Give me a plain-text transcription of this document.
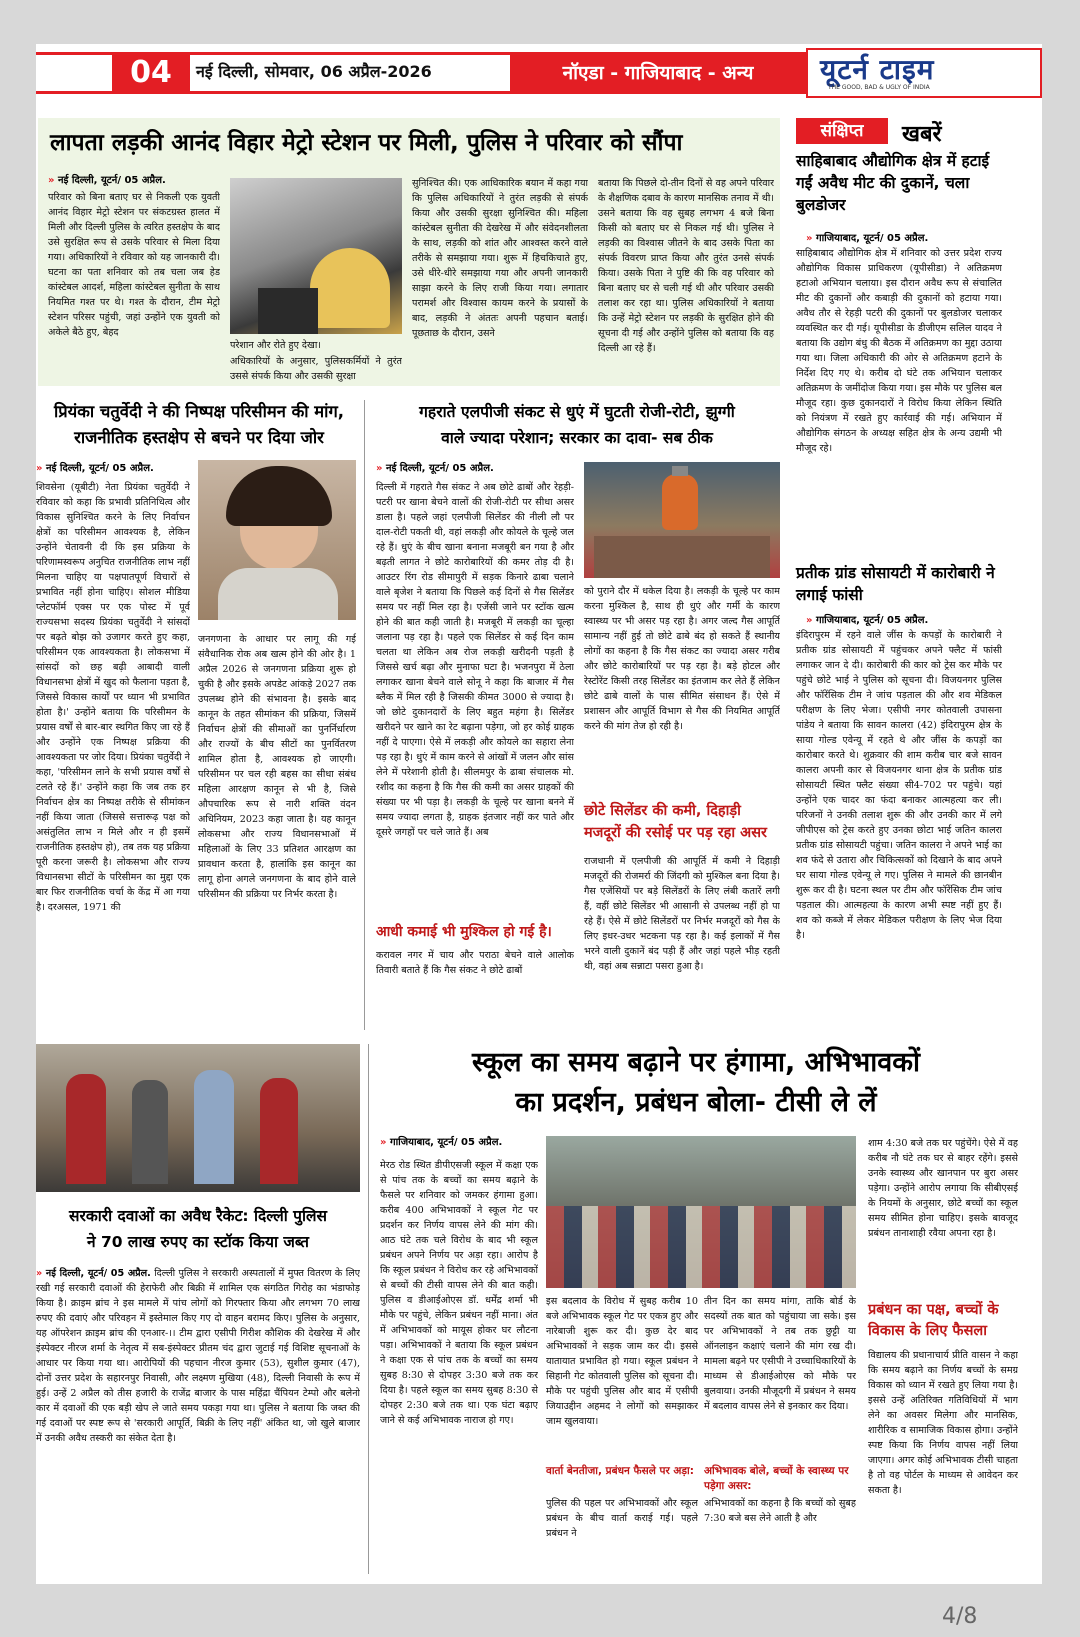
04	नई दिल्ली, सोमवार, 06 अप्रैल-2026	नॉएडा - गाजियाबाद - अन्य	यूटर्न टाइम
THE GOOD, BAD & UGLY OF INDIA
लापता लड़की आनंद विहार मेट्रो स्टेशन पर मिली, पुलिस ने परिवार को सौंपा
» नई दिल्ली, यूटर्न/ 05 अप्रैल.
परिवार को बिना बताए घर से निकली एक युवती आनंद विहार मेट्रो स्टेशन पर संकटग्रस्त हालत में मिली और दिल्ली पुलिस के त्वरित हस्तक्षेप के बाद उसे सुरक्षित रूप से उसके परिवार से मिला दिया गया। अधिकारियों ने रविवार को यह जानकारी दी। घटना का पता शनिवार को तब चला जब हेड कांस्टेबल आदर्श, महिला कांस्टेबल सुनीता के साथ नियमित गश्त पर थे। गश्त के दौरान, टीम मेट्रो स्टेशन परिसर पहुंची, जहां उन्होंने एक युवती को अकेले बैठे हुए, बेहद
परेशान और रोते हुए देखा।
अधिकारियों के अनुसार, पुलिसकर्मियों ने तुरंत उससे संपर्क किया और उसकी सुरक्षा
सुनिश्चित की। एक आधिकारिक बयान में कहा गया कि पुलिस अधिकारियों ने तुरंत लड़की से संपर्क किया और उसकी सुरक्षा सुनिश्चित की। महिला कांस्टेबल सुनीता की देखरेख में और संवेदनशीलता के साथ, लड़की को शांत और आश्वस्त करने वाले तरीके से समझाया गया। शुरू में हिचकिचाते हुए, उसे धीरे-धीरे समझाया गया और अपनी जानकारी साझा करने के लिए राजी किया गया। लगातार परामर्श और विश्वास कायम करने के प्रयासों के बाद, लड़की ने अंततः अपनी पहचान बताई। पूछताछ के दौरान, उसने
बताया कि पिछले दो-तीन दिनों से वह अपने परिवार के शैक्षणिक दबाव के कारण मानसिक तनाव में थी। उसने बताया कि वह सुबह लगभग 4 बजे बिना किसी को बताए घर से निकल गई थी। पुलिस ने लड़की का विश्वास जीतने के बाद उसके पिता का संपर्क विवरण प्राप्त किया और तुरंत उनसे संपर्क किया। उसके पिता ने पुष्टि की कि वह परिवार को बिना बताए घर से चली गई थी और परिवार उसकी तलाश कर रहा था। पुलिस अधिकारियों ने बताया कि उन्हें मेट्रो स्टेशन पर लड़की के सुरक्षित होने की सूचना दी गई और उन्होंने पुलिस को बताया कि वह दिल्ली आ रहे हैं।
प्रियंका चतुर्वेदी ने की निष्पक्ष परिसीमन की मांग,
राजनीतिक हस्तक्षेप से बचने पर दिया जोर
» नई दिल्ली, यूटर्न/ 05 अप्रैल.
शिवसेना (यूबीटी) नेता प्रियंका चतुर्वेदी ने रविवार को कहा कि प्रभावी प्रतिनिधित्व और विकास सुनिश्चित करने के लिए निर्वाचन क्षेत्रों का परिसीमन आवश्यक है, लेकिन उन्होंने चेतावनी दी कि इस प्रक्रिया के परिणामस्वरूप अनुचित राजनीतिक लाभ नहीं मिलना चाहिए या पक्षपातपूर्ण विचारों से प्रभावित नहीं होना चाहिए। सोशल मीडिया प्लेटफॉर्म एक्स पर एक पोस्ट में पूर्व राज्यसभा सदस्य प्रियंका चतुर्वेदी ने सांसदों पर बढ़ते बोझ को उजागर करते हुए कहा, परिसीमन एक आवश्यकता है। लोकसभा में सांसदों को छह बढ़ी आबादी वाली विधानसभा क्षेत्रों में खुद को फैलाना पड़ता है, जिससे विकास कार्यों पर ध्यान भी प्रभावित होता है।' उन्होंने बताया कि परिसीमन के प्रयास वर्षों से बार-बार स्थगित किए जा रहे हैं और उन्होंने एक निष्पक्ष प्रक्रिया की आवश्यकता पर जोर दिया। प्रियंका चतुर्वेदी ने कहा, 'परिसीमन लाने के सभी प्रयास वर्षों से टलते रहे हैं।' उन्होंने कहा कि जब तक हर निर्वाचन क्षेत्र का निष्पक्ष तरीके से सीमांकन नहीं किया जाता (जिससे सत्तारूढ़ पक्ष को असंतुलित लाभ न मिले और न ही इसमें राजनीतिक हस्तक्षेप हो), तब तक यह प्रक्रिया पूरी करना जरूरी है। लोकसभा और राज्य विधानसभा सीटों के परिसीमन का मुद्दा एक बार फिर राजनीतिक चर्चा के केंद्र में आ गया है। दरअसल, 1971 की
जनगणना के आधार पर लागू की गई संवैधानिक रोक अब खत्म होने की ओर है। 1 अप्रैल 2026 से जनगणना प्रक्रिया शुरू हो चुकी है और इसके अपडेट आंकड़े 2027 तक उपलब्ध होने की संभावना है। इसके बाद कानून के तहत सीमांकन की प्रक्रिया, जिसमें निर्वाचन क्षेत्रों की सीमाओं का पुनर्निर्धारण और राज्यों के बीच सीटों का पुनर्वितरण शामिल होता है, आवश्यक हो जाएगी। परिसीमन पर चल रही बहस का सीधा संबंध महिला आरक्षण कानून से भी है, जिसे औपचारिक रूप से नारी शक्ति वंदन अधिनियम, 2023 कहा जाता है। यह कानून लोकसभा और राज्य विधानसभाओं में महिलाओं के लिए 33 प्रतिशत आरक्षण का प्रावधान करता है, हालांकि इस कानून का लागू होना अगले जनगणना के बाद होने वाले परिसीमन की प्रक्रिया पर निर्भर करता है।
गहराते एलपीजी संकट से धुएं में घुटती रोजी-रोटी, झुग्गी
वाले ज्यादा परेशान; सरकार का दावा- सब ठीक
» नई दिल्ली, यूटर्न/ 05 अप्रैल.
दिल्ली में गहराते गैस संकट ने अब छोटे ढाबों और रेहड़ी-पटरी पर खाना बेचने वालों की रोजी-रोटी पर सीधा असर डाला है। पहले जहां एलपीजी सिलेंडर की नीली लौ पर दाल-रोटी पकती थी, वहां लकड़ी और कोयले के चूल्हे जल रहे हैं। धुएं के बीच खाना बनाना मजबूरी बन गया है और बढ़ती लागत ने छोटे कारोबारियों की कमर तोड़ दी है। आउटर रिंग रोड सीमापुरी में सड़क किनारे ढाबा चलाने वाले बृजेश ने बताया कि पिछले कई दिनों से गैस सिलेंडर समय पर नहीं मिल रहा है। एजेंसी जाने पर स्टॉक खत्म होने की बात कही जाती है। मजबूरी में लकड़ी का चूल्हा जलाना पड़ रहा है। पहले एक सिलेंडर से कई दिन काम चलता था लेकिन अब रोज लकड़ी खरीदनी पड़ती है जिससे खर्च बढ़ा और मुनाफा घटा है। भजनपुरा में ठेला लगाकर खाना बेचने वाले सोनू ने कहा कि बाजार में गैस ब्लैक में मिल रही है जिसकी कीमत 3000 से ज्यादा है। जो छोटे दुकानदारों के लिए बहुत महंगा है। सिलेंडर खरीदने पर खाने का रेट बढ़ाना पड़ेगा, जो हर कोई ग्राहक नहीं दे पाएगा। ऐसे में लकड़ी और कोयले का सहारा लेना पड़ रहा है। धुएं में काम करने से आंखों में जलन और सांस लेने में परेशानी होती है। सीलमपुर के ढाबा संचालक मो. रशीद का कहना है कि गैस की कमी का असर ग्राहकों की संख्या पर भी पड़ा है। लकड़ी के चूल्हे पर खाना बनने में समय ज्यादा लगता है, ग्राहक इंतजार नहीं कर पाते और दूसरे जगहों पर चले जाते हैं। अब
आधी कमाई भी मुश्किल हो गई है।
करावल नगर में चाय और पराठा बेचने वाले आलोक तिवारी बताते हैं कि गैस संकट ने छोटे ढाबों
को पुराने दौर में धकेल दिया है। लकड़ी के चूल्हे पर काम करना मुश्किल है, साथ ही धुएं और गर्मी के कारण स्वास्थ्य पर भी असर पड़ रहा है। अगर जल्द गैस आपूर्ति सामान्य नहीं हुई तो छोटे ढाबे बंद हो सकते हैं स्थानीय लोगों का कहना है कि गैस संकट का ज्यादा असर गरीब और छोटे कारोबारियों पर पड़ रहा है। बड़े होटल और रेस्टोरेंट किसी तरह सिलेंडर का इंतजाम कर लेते हैं लेकिन छोटे ढाबे वालों के पास सीमित संसाधन हैं। ऐसे में प्रशासन और आपूर्ति विभाग से गैस की नियमित आपूर्ति करने की मांग तेज हो रही है।
छोटे सिलेंडर की कमी, दिहाड़ी मजदूरों की रसोई पर पड़ रहा असर
राजधानी में एलपीजी की आपूर्ति में कमी ने दिहाड़ी मजदूरों की रोजमर्रा की जिंदगी को मुश्किल बना दिया है। गैस एजेंसियों पर बड़े सिलेंडरों के लिए लंबी कतारें लगी हैं, वहीं छोटे सिलेंडर भी आसानी से उपलब्ध नहीं हो पा रहे हैं। ऐसे में छोटे सिलेंडरों पर निर्भर मजदूरों को गैस के लिए इधर-उधर भटकना पड़ रहा है। कई इलाकों में गैस भरने वाली दुकानें बंद पड़ी हैं और जहां पहले भीड़ रहती थी, वहां अब सन्नाटा पसरा हुआ है।
संक्षिप्त	खबरें
साहिबाबाद औद्योगिक क्षेत्र में हटाई गईं अवैध मीट की दुकानें, चला बुलडोजर
» गाजियाबाद, यूटर्न/ 05 अप्रैल.
साहिबाबाद औद्योगिक क्षेत्र में शनिवार को उत्तर प्रदेश राज्य औद्योगिक विकास प्राधिकरण (यूपीसीडा) ने अतिक्रमण हटाओ अभियान चलाया। इस दौरान अवैध रूप से संचालित मीट की दुकानों और कबाड़ी की दुकानों को हटाया गया। अवैध तौर से रेहड़ी पटरी की दुकानों पर बुलडोजर चलाकर व्यवस्थित कर दी गई। यूपीसीडा के डीजीएम सलिल यादव ने बताया कि उद्योग बंधु की बैठक में अतिक्रमण का मुद्दा उठाया गया था। जिला अधिकारी की ओर से अतिक्रमण हटाने के निर्देश दिए गए थे। करीब दो घंटे तक अभियान चलाकर अतिक्रमण के जमींदोज किया गया। इस मौके पर पुलिस बल मौजूद रहा। कुछ दुकानदारों ने विरोध किया लेकिन स्थिति को नियंत्रण में रखते हुए कार्रवाई की गई। अभियान में औद्योगिक संगठन के अध्यक्ष सहित क्षेत्र के अन्य उद्यमी भी मौजूद रहे।
प्रतीक ग्रांड सोसायटी में कारोबारी ने लगाई फांसी
» गाजियाबाद, यूटर्न/ 05 अप्रैल.
इंदिरापुरम में रहने वाले जींस के कपड़ों के कारोबारी ने प्रतीक ग्रांड सोसायटी में पहुंचकर अपने फ्लैट में फांसी लगाकर जान दे दी। कारोबारी की कार को ट्रेस कर मौके पर पहुंचे छोटे भाई ने पुलिस को सूचना दी। विजयनगर पुलिस और फॉरेंसिक टीम ने जांच पड़ताल की और शव मेडिकल परीक्षण के लिए भेजा। एसीपी नगर कोतवाली उपासना पांडेय ने बताया कि सावन कालरा (42) इंदिरापुरम क्षेत्र के साया गोल्ड एवेन्यू में रहते थे और जींस के कपड़ों का कारोबार करते थे। शुक्रवार की शाम करीब चार बजे सावन कालरा अपनी कार से विजयनगर थाना क्षेत्र के प्रतीक ग्रांड सोसायटी स्थित फ्लैट संख्या सी4-702 पर पहुंचे। यहां उन्होंने एक चादर का फंदा बनाकर आत्महत्या कर ली। परिजनों ने उनकी तलाश शुरू की और उनकी कार में लगे जीपीएस को ट्रेस करते हुए उनका छोटा भाई जतिन कालरा प्रतीक ग्रांड सोसायटी पहुंचा। जतिन कालरा ने अपने भाई का शव फंदे से उतारा और चिकित्सकों को दिखाने के बाद अपने घर साया गोल्ड एवेन्यू ले गए। पुलिस ने मामले की छानबीन शुरू कर दी है। घटना स्थल पर टीम और फॉरेंसिक टीम जांच पड़ताल की। आत्महत्या के कारण अभी स्पष्ट नहीं हुए हैं। शव को कब्जे में लेकर मेडिकल परीक्षण के लिए भेज दिया है।
सरकारी दवाओं का अवैध रैकेट: दिल्ली पुलिस
ने 70 लाख रुपए का स्टॉक किया जब्त
» नई दिल्ली, यूटर्न/ 05 अप्रैल. दिल्ली पुलिस ने सरकारी अस्पतालों में मुफ्त वितरण के लिए रखी गई सरकारी दवाओं की हेराफेरी और बिक्री में शामिल एक संगठित गिरोह का भंडाफोड़ किया है। क्राइम ब्रांच ने इस मामले में पांच लोगों को गिरफ्तार किया और लगभग 70 लाख रुपए की दवाएं और परिवहन में इस्तेमाल किए गए दो वाहन बरामद किए। पुलिस के अनुसार, यह ऑपरेशन क्राइम ब्रांच की एनआर-।। टीम द्वारा एसीपी गिरीश कौशिक की देखरेख में और इंस्पेक्टर नीरज शर्मा के नेतृत्व में सब-इंस्पेक्टर प्रीतम चंद द्वारा जुटाई गई विशिष्ट सूचनाओं के आधार पर किया गया था। आरोपियों की पहचान नीरज कुमार (53), सुशील कुमार (47), दोनों उत्तर प्रदेश के सहारनपुर निवासी, और लक्ष्मण मुखिया (48), दिल्ली निवासी के रूप में हुई। उन्हें 2 अप्रैल को तीस हजारी के राजेंद्र बाजार के पास महिंद्रा चैंपियन टेम्पो और बलेनो कार में दवाओं की एक बड़ी खेप ले जाते समय पकड़ा गया था। पुलिस ने बताया कि जब्त की गई दवाओं पर स्पष्ट रूप से 'सरकारी आपूर्ति, बिक्री के लिए नहीं' अंकित था, जो खुले बाजार में उनकी अवैध तस्करी का संकेत देता है।
स्कूल का समय बढ़ाने पर हंगामा, अभिभावकों
का प्रदर्शन, प्रबंधन बोला- टीसी ले लें
» गाजियाबाद, यूटर्न/ 05 अप्रैल.
मेरठ रोड स्थित डीपीएसजी स्कूल में कक्षा एक से पांच तक के बच्चों का समय बढ़ाने के फैसले पर शनिवार को जमकर हंगामा हुआ। करीब 400 अभिभावकों ने स्कूल गेट पर प्रदर्शन कर निर्णय वापस लेने की मांग की। आठ घंटे तक चले विरोध के बाद भी स्कूल प्रबंधन अपने निर्णय पर अड़ा रहा। आरोप है कि स्कूल प्रबंधन ने विरोध कर रहे अभिभावकों से बच्चों की टीसी वापस लेने की बात कही। पुलिस व डीआईओएस डॉ. धर्मेंद्र शर्मा भी मौके पर पहुंचे, लेकिन प्रबंधन नहीं माना। अंत में अभिभावकों को मायूस होकर घर लौटना पड़ा। अभिभावकों ने बताया कि स्कूल प्रबंधन ने कक्षा एक से पांच तक के बच्चों का समय सुबह 8:30 से दोपहर 3:30 बजे तक कर दिया है। पहले स्कूल का समय सुबह 8:30 से दोपहर 2:30 बजे तक था। एक घंटा बढ़ाए जाने से कई अभिभावक नाराज हो गए।
इस बदलाव के विरोध में सुबह करीब 10 बजे अभिभावक स्कूल गेट पर एकत्र हुए और नारेबाजी शुरू कर दी। कुछ देर बाद अभिभावकों ने सड़क जाम कर दी। इससे यातायात प्रभावित हो गया। स्कूल प्रबंधन ने सिहानी गेट कोतवाली पुलिस को सूचना दी। मौके पर पहुंची पुलिस और बाद में एसीपी जियाउद्दीन अहमद ने लोगों को समझाकर जाम खुलवाया।
वार्ता बेनतीजा, प्रबंधन फैसले पर अड़ा:
पुलिस की पहल पर अभिभावकों और स्कूल प्रबंधन के बीच वार्ता कराई गई। पहले प्रबंधन ने
तीन दिन का समय मांगा, ताकि बोर्ड के सदस्यों तक बात को पहुंचाया जा सके। इस पर अभिभावकों ने तब तक छुट्टी या ऑनलाइन कक्षाएं चलाने की मांग रख दी। मामला बढ़ने पर एसीपी ने उच्चाधिकारियों के माध्यम से डीआईओएस को मौके पर बुलवाया। उनकी मौजूदगी में प्रबंधन ने समय में बदलाव वापस लेने से इनकार कर दिया।
अभिभावक बोले, बच्चों के स्वास्थ्य पर पड़ेगा असर:
अभिभावकों का कहना है कि बच्चों को सुबह 7:30 बजे बस लेने आती है और
शाम 4:30 बजे तक घर पहुंचेंगे। ऐसे में वह करीब नौ घंटे तक घर से बाहर रहेंगे। इससे उनके स्वास्थ्य और खानपान पर बुरा असर पड़ेगा। उन्होंने आरोप लगाया कि सीबीएसई के नियमों के अनुसार, छोटे बच्चों का स्कूल समय सीमित होना चाहिए। इसके बावजूद प्रबंधन तानाशाही रवैया अपना रहा है।
प्रबंधन का पक्ष, बच्चों के विकास के लिए फैसला
विद्यालय की प्रधानाचार्य प्रीति वासन ने कहा कि समय बढ़ाने का निर्णय बच्चों के समग्र विकास को ध्यान में रखते हुए लिया गया है। इससे उन्हें अतिरिक्त गतिविधियों में भाग लेने का अवसर मिलेगा और मानसिक, शारीरिक व सामाजिक विकास होगा। उन्होंने स्पष्ट किया कि निर्णय वापस नहीं लिया जाएगा। अगर कोई अभिभावक टीसी चाहता है तो वह पोर्टल के माध्यम से आवेदन कर सकता है।
4/8
